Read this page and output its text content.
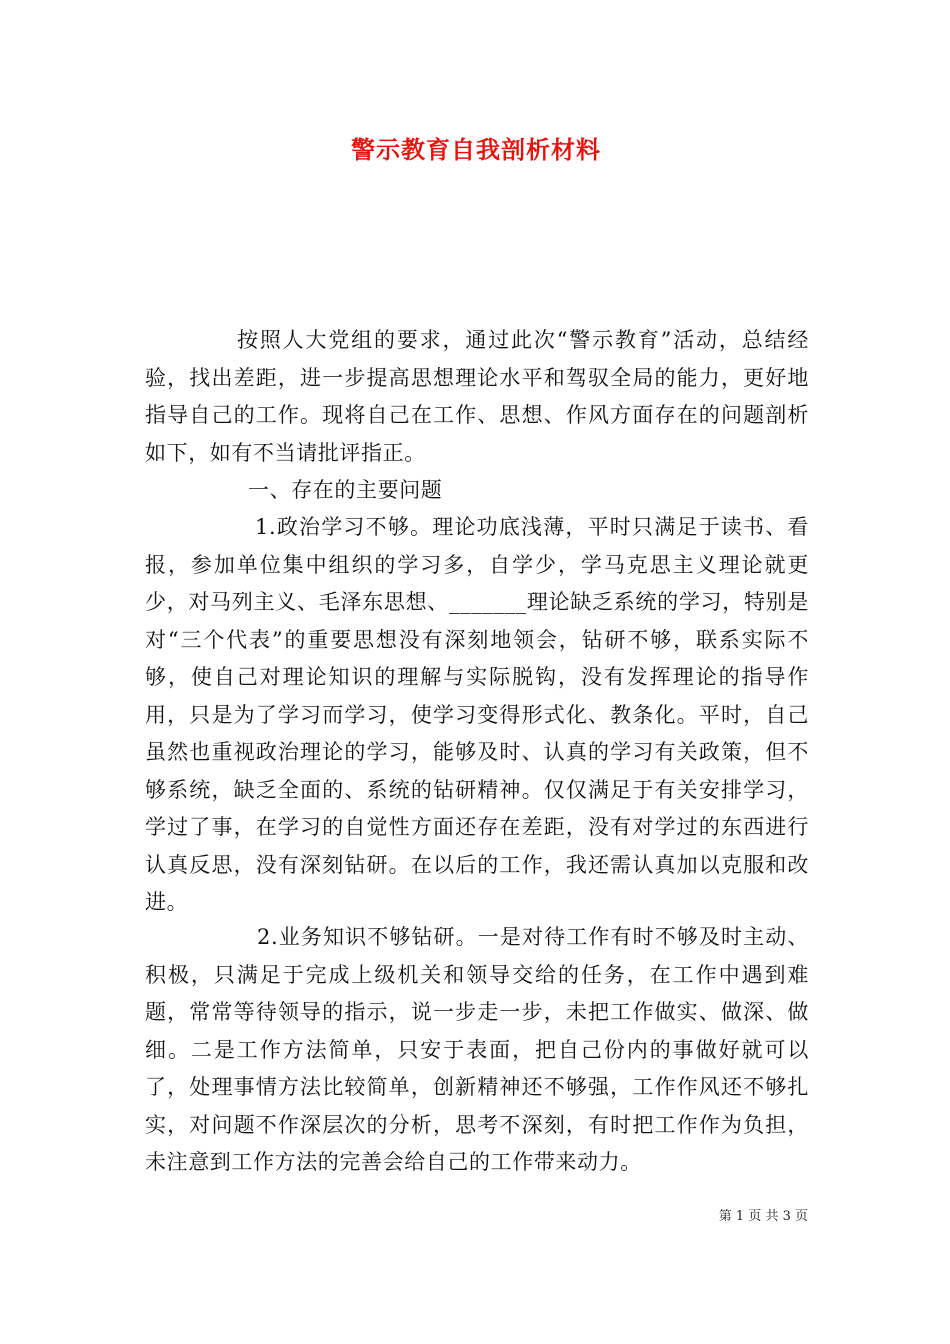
警示教育自我剖析材料

按照人大党组的要求，通过此次“警示教育”活动，总结经验，找出差距，进一步提高思想理论水平和驾驭全局的能力，更好地指导自己的工作。现将自己在工作、思想、作风方面存在的问题剖析如下，如有不当请批评指正。

一、存在的主要问题

1.政治学习不够。理论功底浅薄，平时只满足于读书、看报，参加单位集中组织的学习多，自学少，学马克思主义理论就更少，对马列主义、毛泽东思想、_______理论缺乏系统的学习，特别是对“三个代表”的重要思想没有深刻地领会，钻研不够，联系实际不够，使自己对理论知识的理解与实际脱钩，没有发挥理论的指导作用，只是为了学习而学习，使学习变得形式化、教条化。平时，自己虽然也重视政治理论的学习，能够及时、认真的学习有关政策，但不够系统，缺乏全面的、系统的钻研精神。仅仅满足于有关安排学习，学过了事，在学习的自觉性方面还存在差距，没有对学过的东西进行认真反思，没有深刻钻研。在以后的工作，我还需认真加以克服和改进。

2.业务知识不够钻研。一是对待工作有时不够及时主动、积极，只满足于完成上级机关和领导交给的任务，在工作中遇到难题，常常等待领导的指示，说一步走一步，未把工作做实、做深、做细。二是工作方法简单，只安于表面，把自己份内的事做好就可以了，处理事情方法比较简单，创新精神还不够强，工作作风还不够扎实，对问题不作深层次的分析，思考不深刻，有时把工作作为负担，未注意到工作方法的完善会给自己的工作带来动力。

第 1 页 共 3 页
